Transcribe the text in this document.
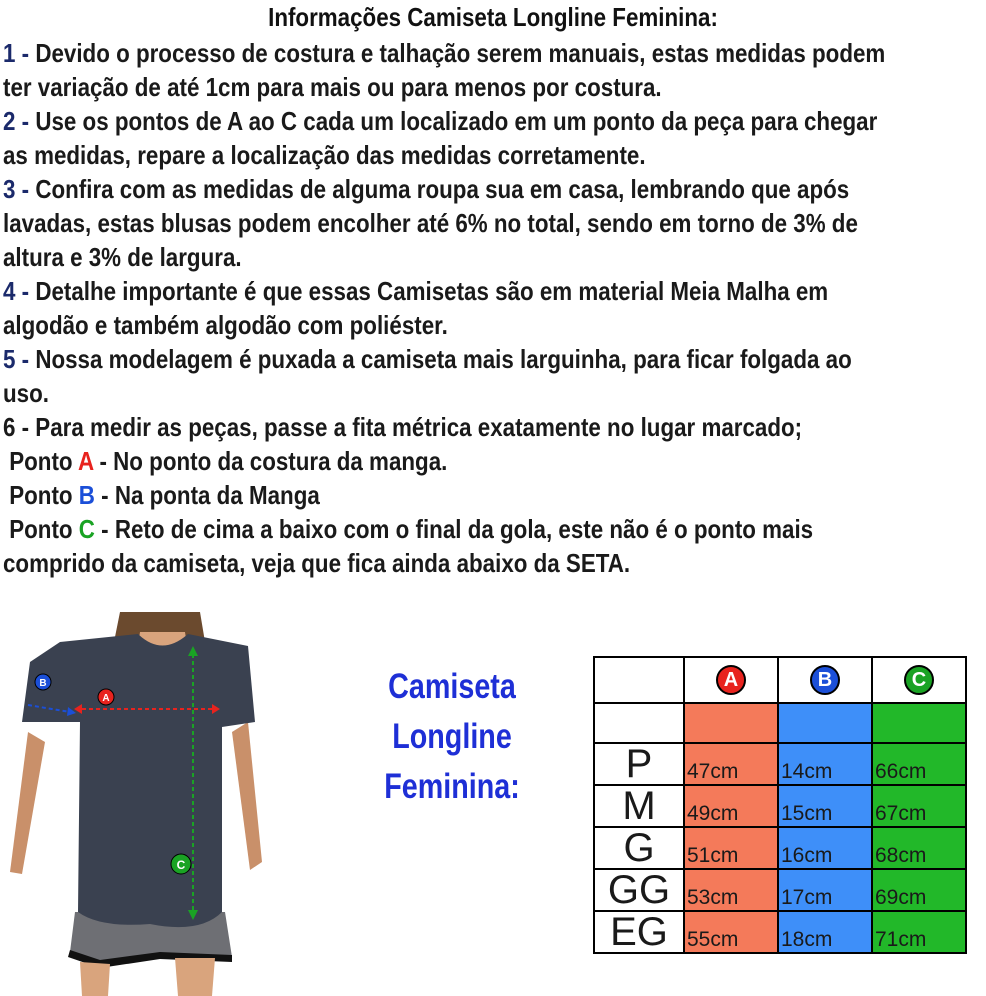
Informações Camiseta Longline Feminina:
1 - Devido o processo de costura e talhação serem manuais, estas medidas podem
ter variação de até 1cm para mais ou para menos por costura.
2 - Use os pontos de A ao C cada um localizado em um ponto da peça para chegar
as medidas, repare a localização das medidas corretamente.
3 - Confira com as medidas de alguma roupa sua em casa, lembrando que após
lavadas, estas blusas podem encolher até 6% no total, sendo em torno de 3% de
altura e 3% de largura.
4 - Detalhe importante é que essas Camisetas são em material Meia Malha em
algodão e também algodão com poliéster.
5 - Nossa modelagem é puxada a camiseta mais larguinha, para ficar folgada ao
uso.
6 - Para medir as peças, passe a fita métrica exatamente no lugar marcado;
Ponto A - No ponto da costura da manga.
Ponto B - Na ponta da Manga
Ponto C - Reto de cima a baixo com o final da gola, este não é o ponto mais
comprido da camiseta, veja que fica ainda abaixo da SETA.
A
B
C
Camiseta Longline
Feminina:
	A	B	C

P	47cm	14cm	66cm
M	49cm	15cm	67cm
G	51cm	16cm	68cm
GG	53cm	17cm	69cm
EG	55cm	18cm	71cm
